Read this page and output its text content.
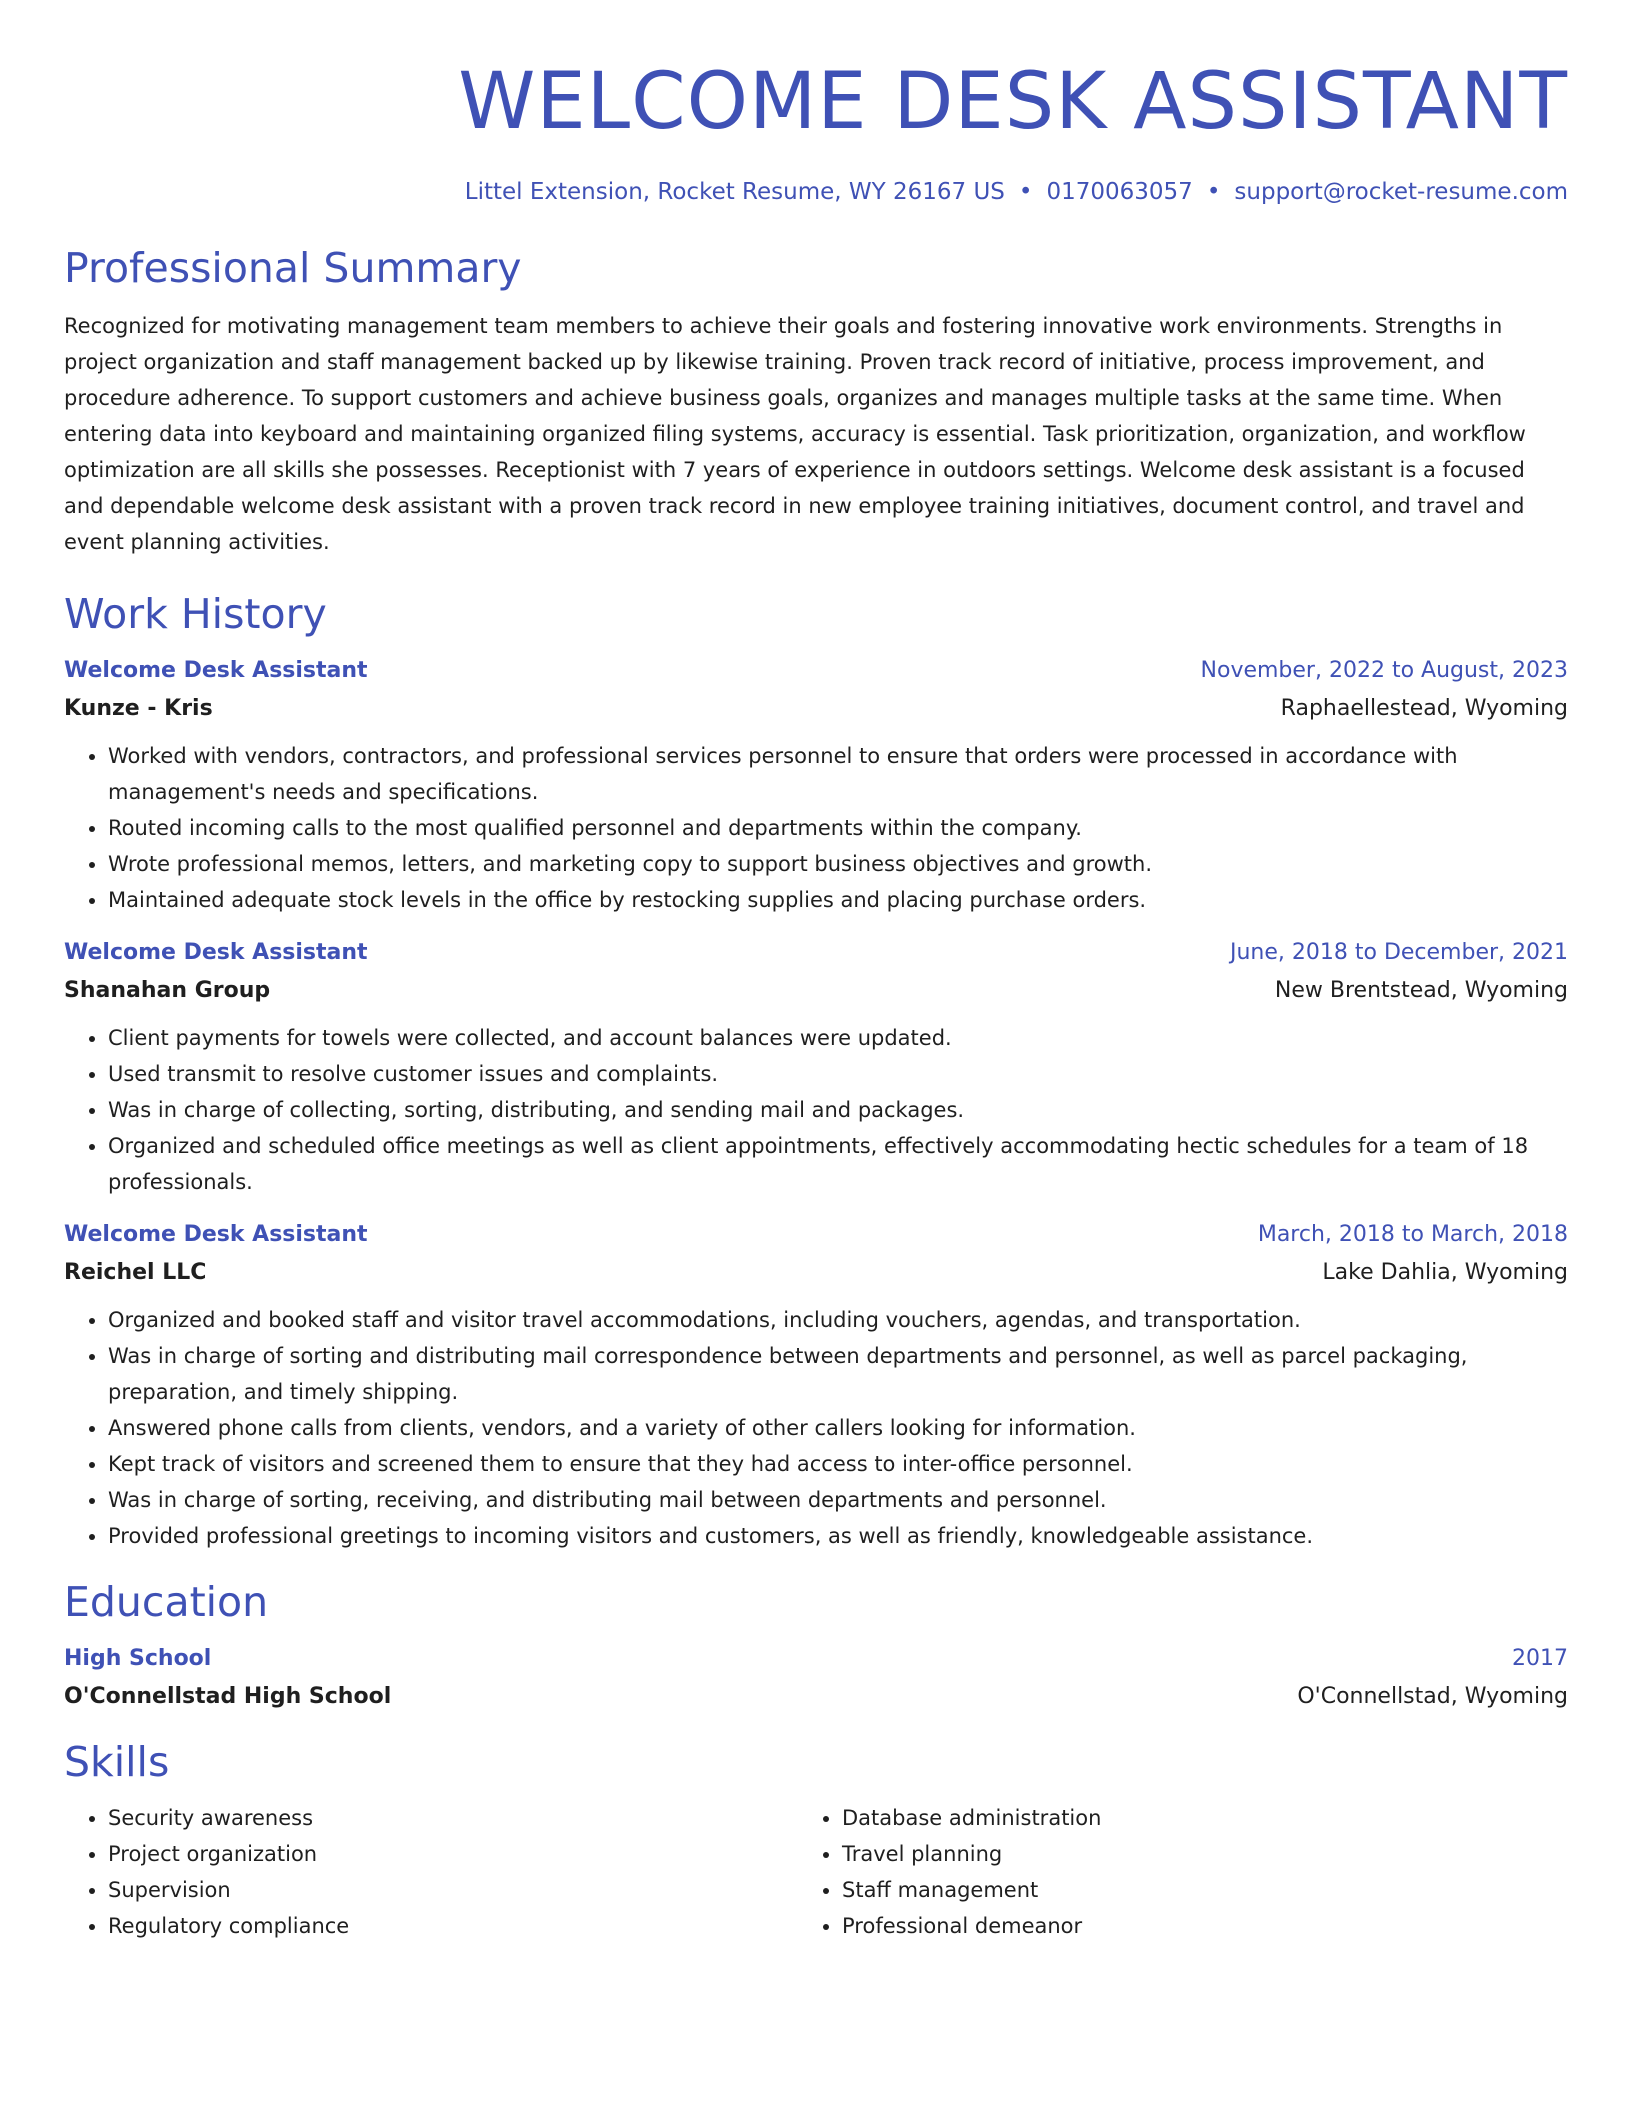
WELCOME DESK ASSISTANT
Littel Extension, Rocket Resume, WY 26167 US • 0170063057 • support@rocket-resume.com
Professional Summary
Recognized for motivating management team members to achieve their goals and fostering innovative work environments. Strengths in project organization and staff management backed up by likewise training. Proven track record of initiative, process improvement, and procedure adherence. To support customers and achieve business goals, organizes and manages multiple tasks at the same time. When entering data into keyboard and maintaining organized filing systems, accuracy is essential. Task prioritization, organization, and workflow optimization are all skills she possesses. Receptionist with 7 years of experience in outdoors settings. Welcome desk assistant is a focused and dependable welcome desk assistant with a proven track record in new employee training initiatives, document control, and travel and event planning activities.
Work History
Welcome Desk Assistant	November, 2022 to August, 2023
Kunze - Kris	Raphaellestead, Wyoming
• Worked with vendors, contractors, and professional services personnel to ensure that orders were processed in accordance with management's needs and specifications.
• Routed incoming calls to the most qualified personnel and departments within the company.
• Wrote professional memos, letters, and marketing copy to support business objectives and growth.
• Maintained adequate stock levels in the office by restocking supplies and placing purchase orders.
Welcome Desk Assistant	June, 2018 to December, 2021
Shanahan Group	New Brentstead, Wyoming
• Client payments for towels were collected, and account balances were updated.
• Used transmit to resolve customer issues and complaints.
• Was in charge of collecting, sorting, distributing, and sending mail and packages.
• Organized and scheduled office meetings as well as client appointments, effectively accommodating hectic schedules for a team of 18 professionals.
Welcome Desk Assistant	March, 2018 to March, 2018
Reichel LLC	Lake Dahlia, Wyoming
• Organized and booked staff and visitor travel accommodations, including vouchers, agendas, and transportation.
• Was in charge of sorting and distributing mail correspondence between departments and personnel, as well as parcel packaging, preparation, and timely shipping.
• Answered phone calls from clients, vendors, and a variety of other callers looking for information.
• Kept track of visitors and screened them to ensure that they had access to inter-office personnel.
• Was in charge of sorting, receiving, and distributing mail between departments and personnel.
• Provided professional greetings to incoming visitors and customers, as well as friendly, knowledgeable assistance.
Education
High School	2017
O'Connellstad High School	O'Connellstad, Wyoming
Skills
• Security awareness
• Project organization
• Supervision
• Regulatory compliance
• Database administration
• Travel planning
• Staff management
• Professional demeanor
